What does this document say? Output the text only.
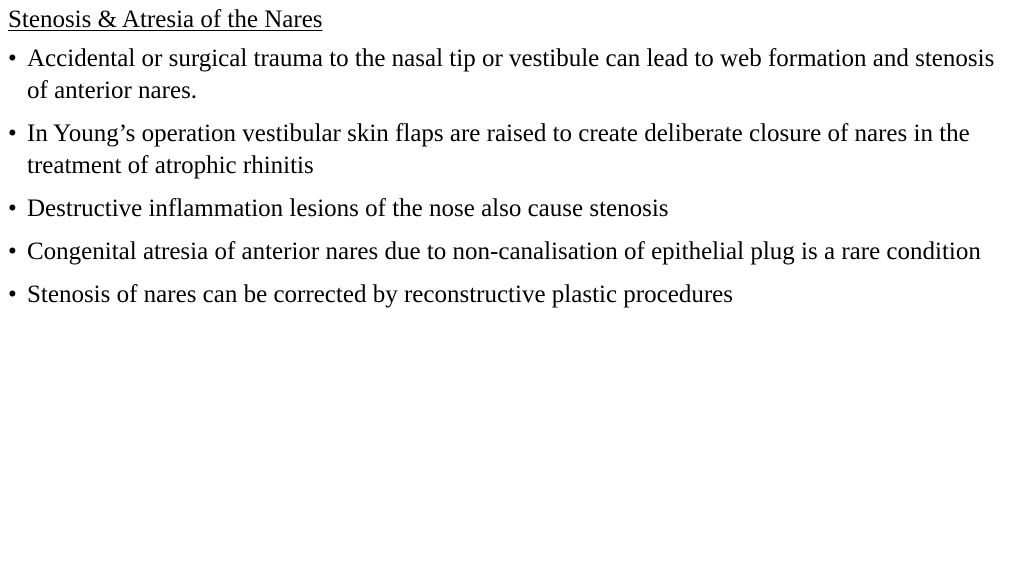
Stenosis & Atresia of the Nares
• Accidental or surgical trauma to the nasal tip or vestibule can lead to web formation and stenosis of anterior nares.
• In Young’s operation vestibular skin flaps are raised to create deliberate closure of nares in the treatment of atrophic rhinitis
• Destructive inflammation lesions of the nose also cause stenosis
• Congenital atresia of anterior nares due to non-canalisation of epithelial plug is a rare condition
• Stenosis of nares can be corrected by reconstructive plastic procedures
